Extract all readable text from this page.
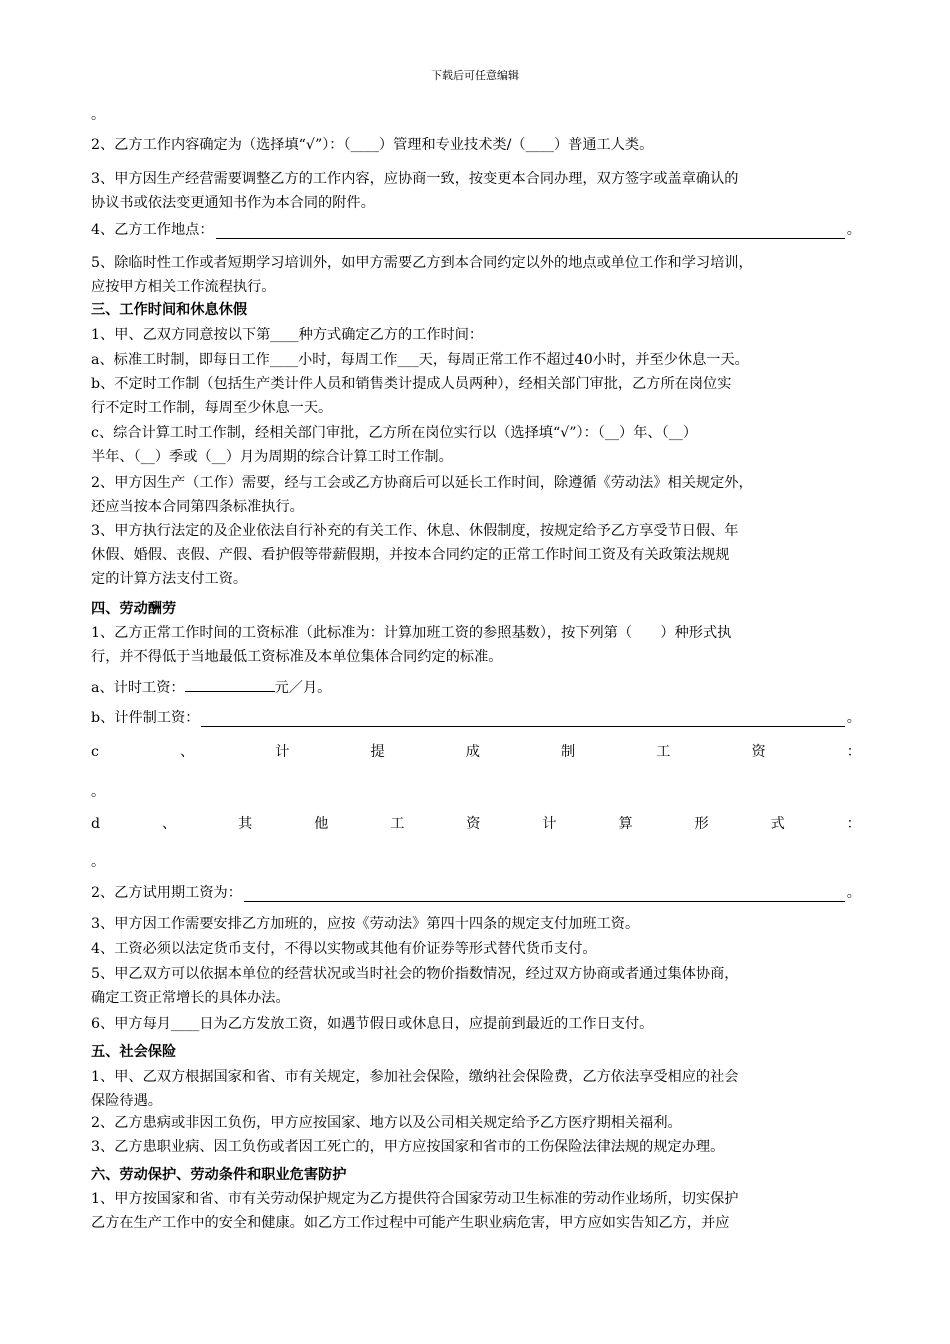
下载后可任意编辑
。
2、乙方工作内容确定为（选择填“√”）：（____）管理和专业技术类/（____）普通工人类。
3、甲方因生产经营需要调整乙方的工作内容，应协商一致，按变更本合同办理，双方签字或盖章确认的
协议书或依法变更通知书作为本合同的附件。
4、乙方工作地点：	。
5、除临时性工作或者短期学习培训外，如甲方需要乙方到本合同约定以外的地点或单位工作和学习培训，
应按甲方相关工作流程执行。
三、工作时间和休息休假
1、甲、乙双方同意按以下第____种方式确定乙方的工作时间：
a、标准工时制，即每日工作____小时，每周工作___天，每周正常工作不超过40小时，并至少休息一天。
b、不定时工作制（包括生产类计件人员和销售类计提成人员两种），经相关部门审批，乙方所在岗位实
行不定时工作制，每周至少休息一天。
c、综合计算工时工作制，经相关部门审批，乙方所在岗位实行以（选择填“√”）：（__）年、（__）
半年、（__）季或（__）月为周期的综合计算工时工作制。
2、甲方因生产（工作）需要，经与工会或乙方协商后可以延长工作时间，除遵循《劳动法》相关规定外，
还应当按本合同第四条标准执行。
3、甲方执行法定的及企业依法自行补充的有关工作、休息、休假制度，按规定给予乙方享受节日假、年
休假、婚假、丧假、产假、看护假等带薪假期，并按本合同约定的正常工作时间工资及有关政策法规规
定的计算方法支付工资。
四、劳动酬劳
1、乙方正常工作时间的工资标准（此标准为：计算加班工资的参照基数），按下列第（　　）种形式执
行，并不得低于当地最低工资标准及本单位集体合同约定的标准。
a、计时工资：	元／月。
b、计件制工资：	。
c	、	计	提	成	制	工	资	：
。
d	、	其	他	工	资	计	算	形	式	：
。
2、乙方试用期工资为：	。
3、甲方因工作需要安排乙方加班的，应按《劳动法》第四十四条的规定支付加班工资。
4、工资必须以法定货币支付，不得以实物或其他有价证券等形式替代货币支付。
5、甲乙双方可以依据本单位的经营状况或当时社会的物价指数情况，经过双方协商或者通过集体协商，
确定工资正常增长的具体办法。
6、甲方每月____日为乙方发放工资，如遇节假日或休息日，应提前到最近的工作日支付。
五、社会保险
1、甲、乙双方根据国家和省、市有关规定，参加社会保险，缴纳社会保险费，乙方依法享受相应的社会
保险待遇。
2、乙方患病或非因工负伤，甲方应按国家、地方以及公司相关规定给予乙方医疗期相关福利。
3、乙方患职业病、因工负伤或者因工死亡的，甲方应按国家和省市的工伤保险法律法规的规定办理。
六、劳动保护、劳动条件和职业危害防护
1、甲方按国家和省、市有关劳动保护规定为乙方提供符合国家劳动卫生标准的劳动作业场所，切实保护
乙方在生产工作中的安全和健康。如乙方工作过程中可能产生职业病危害，甲方应如实告知乙方，并应
